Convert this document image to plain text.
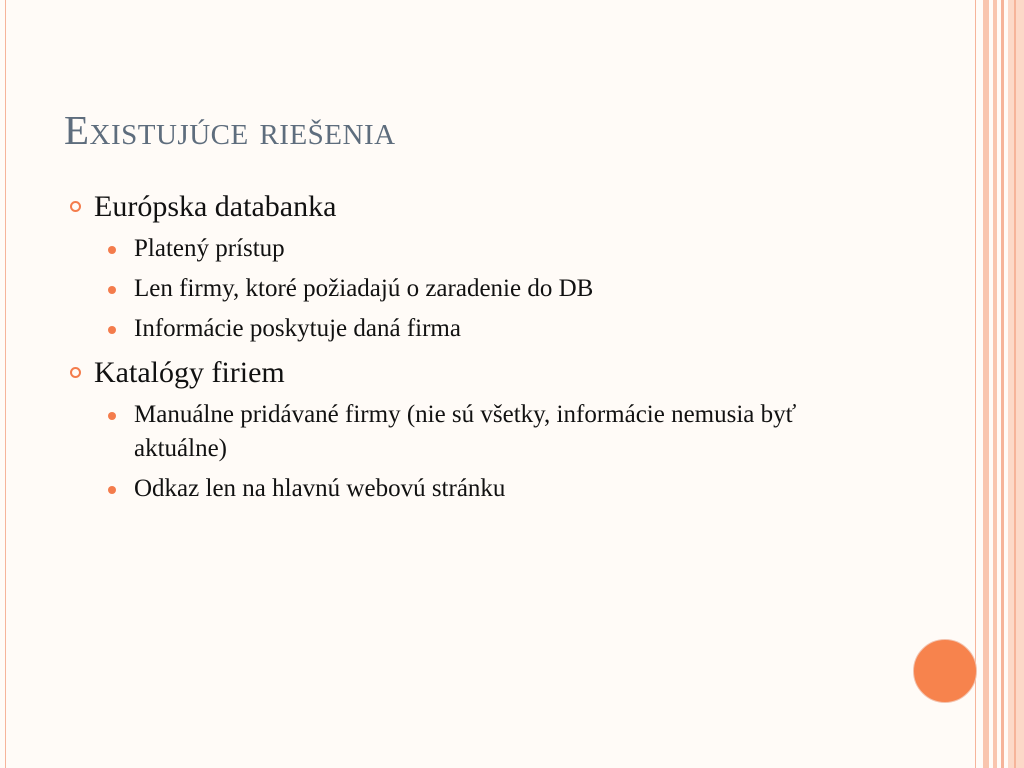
Existujúce riešenia
Európska databanka
Platený prístup
Len firmy, ktoré požiadajú o zaradenie do DB
Informácie poskytuje daná firma
Katalógy firiem
Manuálne pridávané firmy (nie sú všetky, informácie nemusia byť aktuálne)
Odkaz len na hlavnú webovú stránku
